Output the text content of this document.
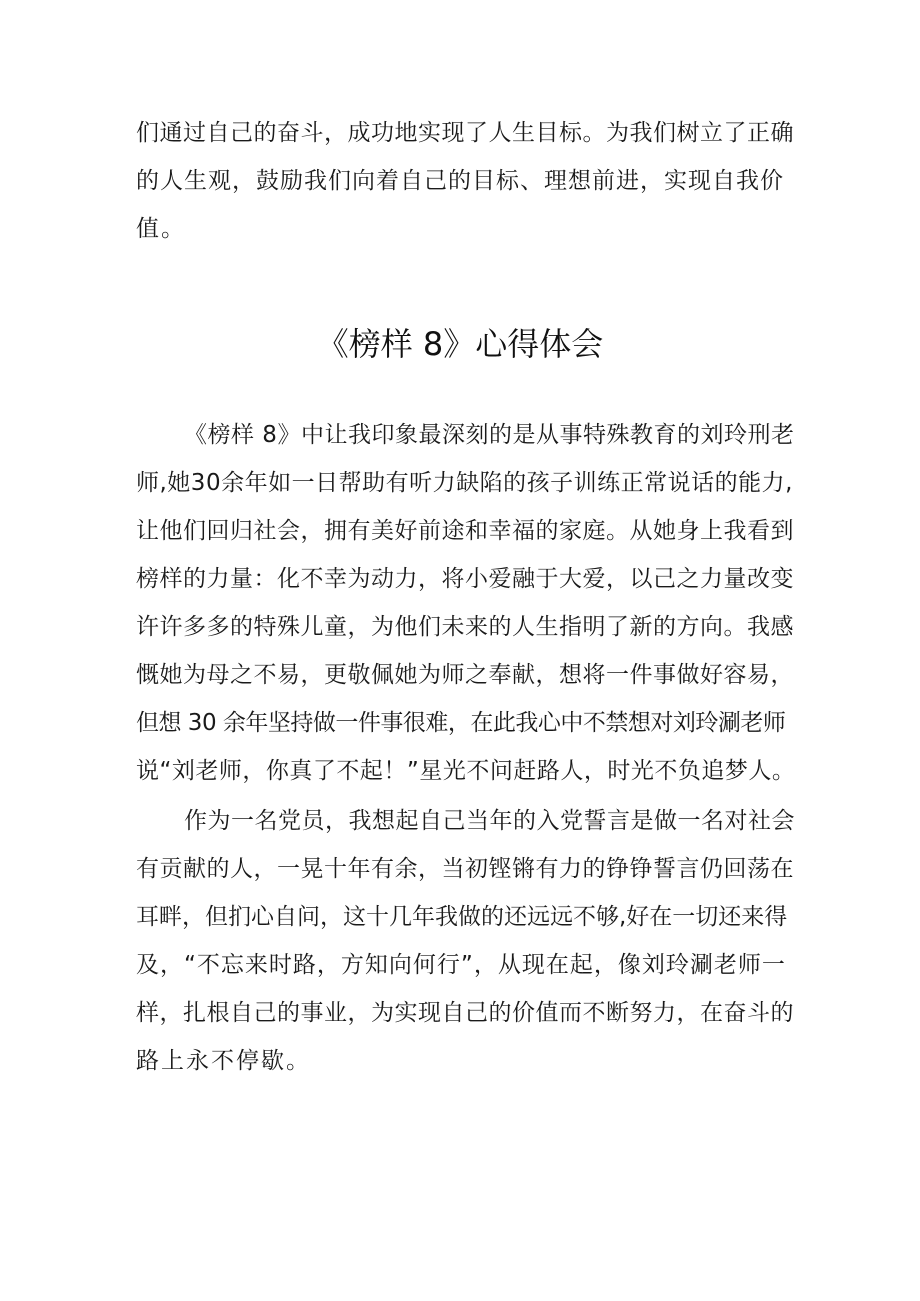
们通过自己的奋斗，成功地实现了人生目标。为我们树立了正确
的人生观，鼓励我们向着自己的目标、理想前进，实现自我价
值。
《榜样 8》心得体会
《榜样 8》中让我印象最深刻的是从事特殊教育的刘玲刑老
师,她30余年如一日帮助有听力缺陷的孩子训练正常说话的能力,
让他们回归社会，拥有美好前途和幸福的家庭。从她身上我看到
榜样的力量：化不幸为动力，将小爱融于大爱，以己之力量改变
许许多多的特殊儿童，为他们未来的人生指明了新的方向。我感
慨她为母之不易，更敬佩她为师之奉献，想将一件事做好容易，
但想 30 余年坚持做一件事很难，在此我心中不禁想对刘玲涮老师
说“刘老师，你真了不起！”星光不问赶路人，时光不负追梦人。
作为一名党员，我想起自己当年的入党誓言是做一名对社会
有贡献的人，一晃十年有余，当初铿锵有力的铮铮誓言仍回荡在
耳畔，但扪心自问，这十几年我做的还远远不够,好在一切还来得
及，“不忘来时路，方知向何行”，从现在起，像刘玲涮老师一
样，扎根自己的事业，为实现自己的价值而不断努力，在奋斗的
路上永不停歇。
